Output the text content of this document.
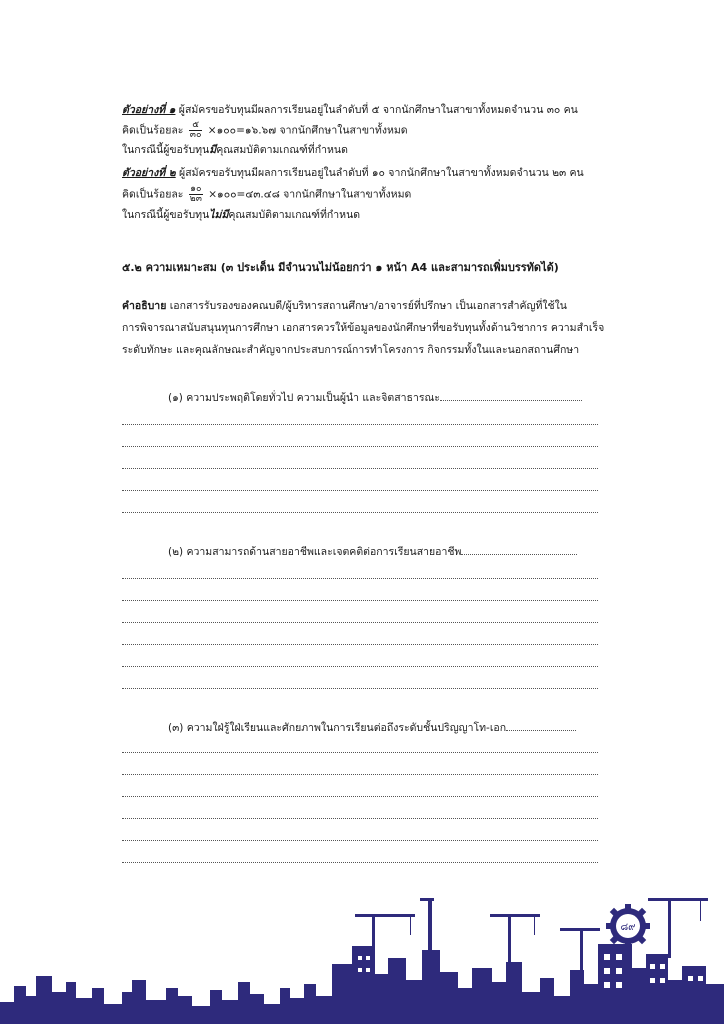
ตัวอย่างที่ ๑ ผู้สมัครขอรับทุนมีผลการเรียนอยู่ในลำดับที่ ๕ จากนักศึกษาในสาขาทั้งหมดจำนวน ๓๐ คน
คิดเป็นร้อยละ $\frac{๕}{๓๐}$ ×๑๐๐=๑๖.๖๗ จากนักศึกษาในสาขาทั้งหมด
ในกรณีนี้ผู้ขอรับทุนมีคุณสมบัติตามเกณฑ์ที่กำหนด
ตัวอย่างที่ ๒ ผู้สมัครขอรับทุนมีผลการเรียนอยู่ในลำดับที่ ๑๐ จากนักศึกษาในสาขาทั้งหมดจำนวน ๒๓ คน
คิดเป็นร้อยละ $\frac{๑๐}{๒๓}$ ×๑๐๐=๔๓.๔๘ จากนักศึกษาในสาขาทั้งหมด
ในกรณีนี้ผู้ขอรับทุนไม่มีคุณสมบัติตามเกณฑ์ที่กำหนด
๕.๒ ความเหมาะสม (๓ ประเด็น มีจำนวนไม่น้อยกว่า ๑ หน้า A4 และสามารถเพิ่มบรรทัดได้)
คำอธิบาย เอกสารรับรองของคณบดี/ผู้บริหารสถานศึกษา/อาจารย์ที่ปรึกษา เป็นเอกสารสำคัญที่ใช้ใน
การพิจารณาสนับสนุนทุนการศึกษา เอกสารควรให้ข้อมูลของนักศึกษาที่ขอรับทุนทั้งด้านวิชาการ ความสำเร็จ
ระดับทักษะ และคุณลักษณะสำคัญจากประสบการณ์การทำโครงการ กิจกรรมทั้งในและนอกสถานศึกษา
(๑) ความประพฤติโดยทั่วไป ความเป็นผู้นำ และจิตสาธารณะ
(๒) ความสามารถด้านสายอาชีพและเจตคติต่อการเรียนสายอาชีพ
(๓) ความใฝ่รู้ใฝ่เรียนและศักยภาพในการเรียนต่อถึงระดับชั้นปริญญาโท-เอก
๘๙
